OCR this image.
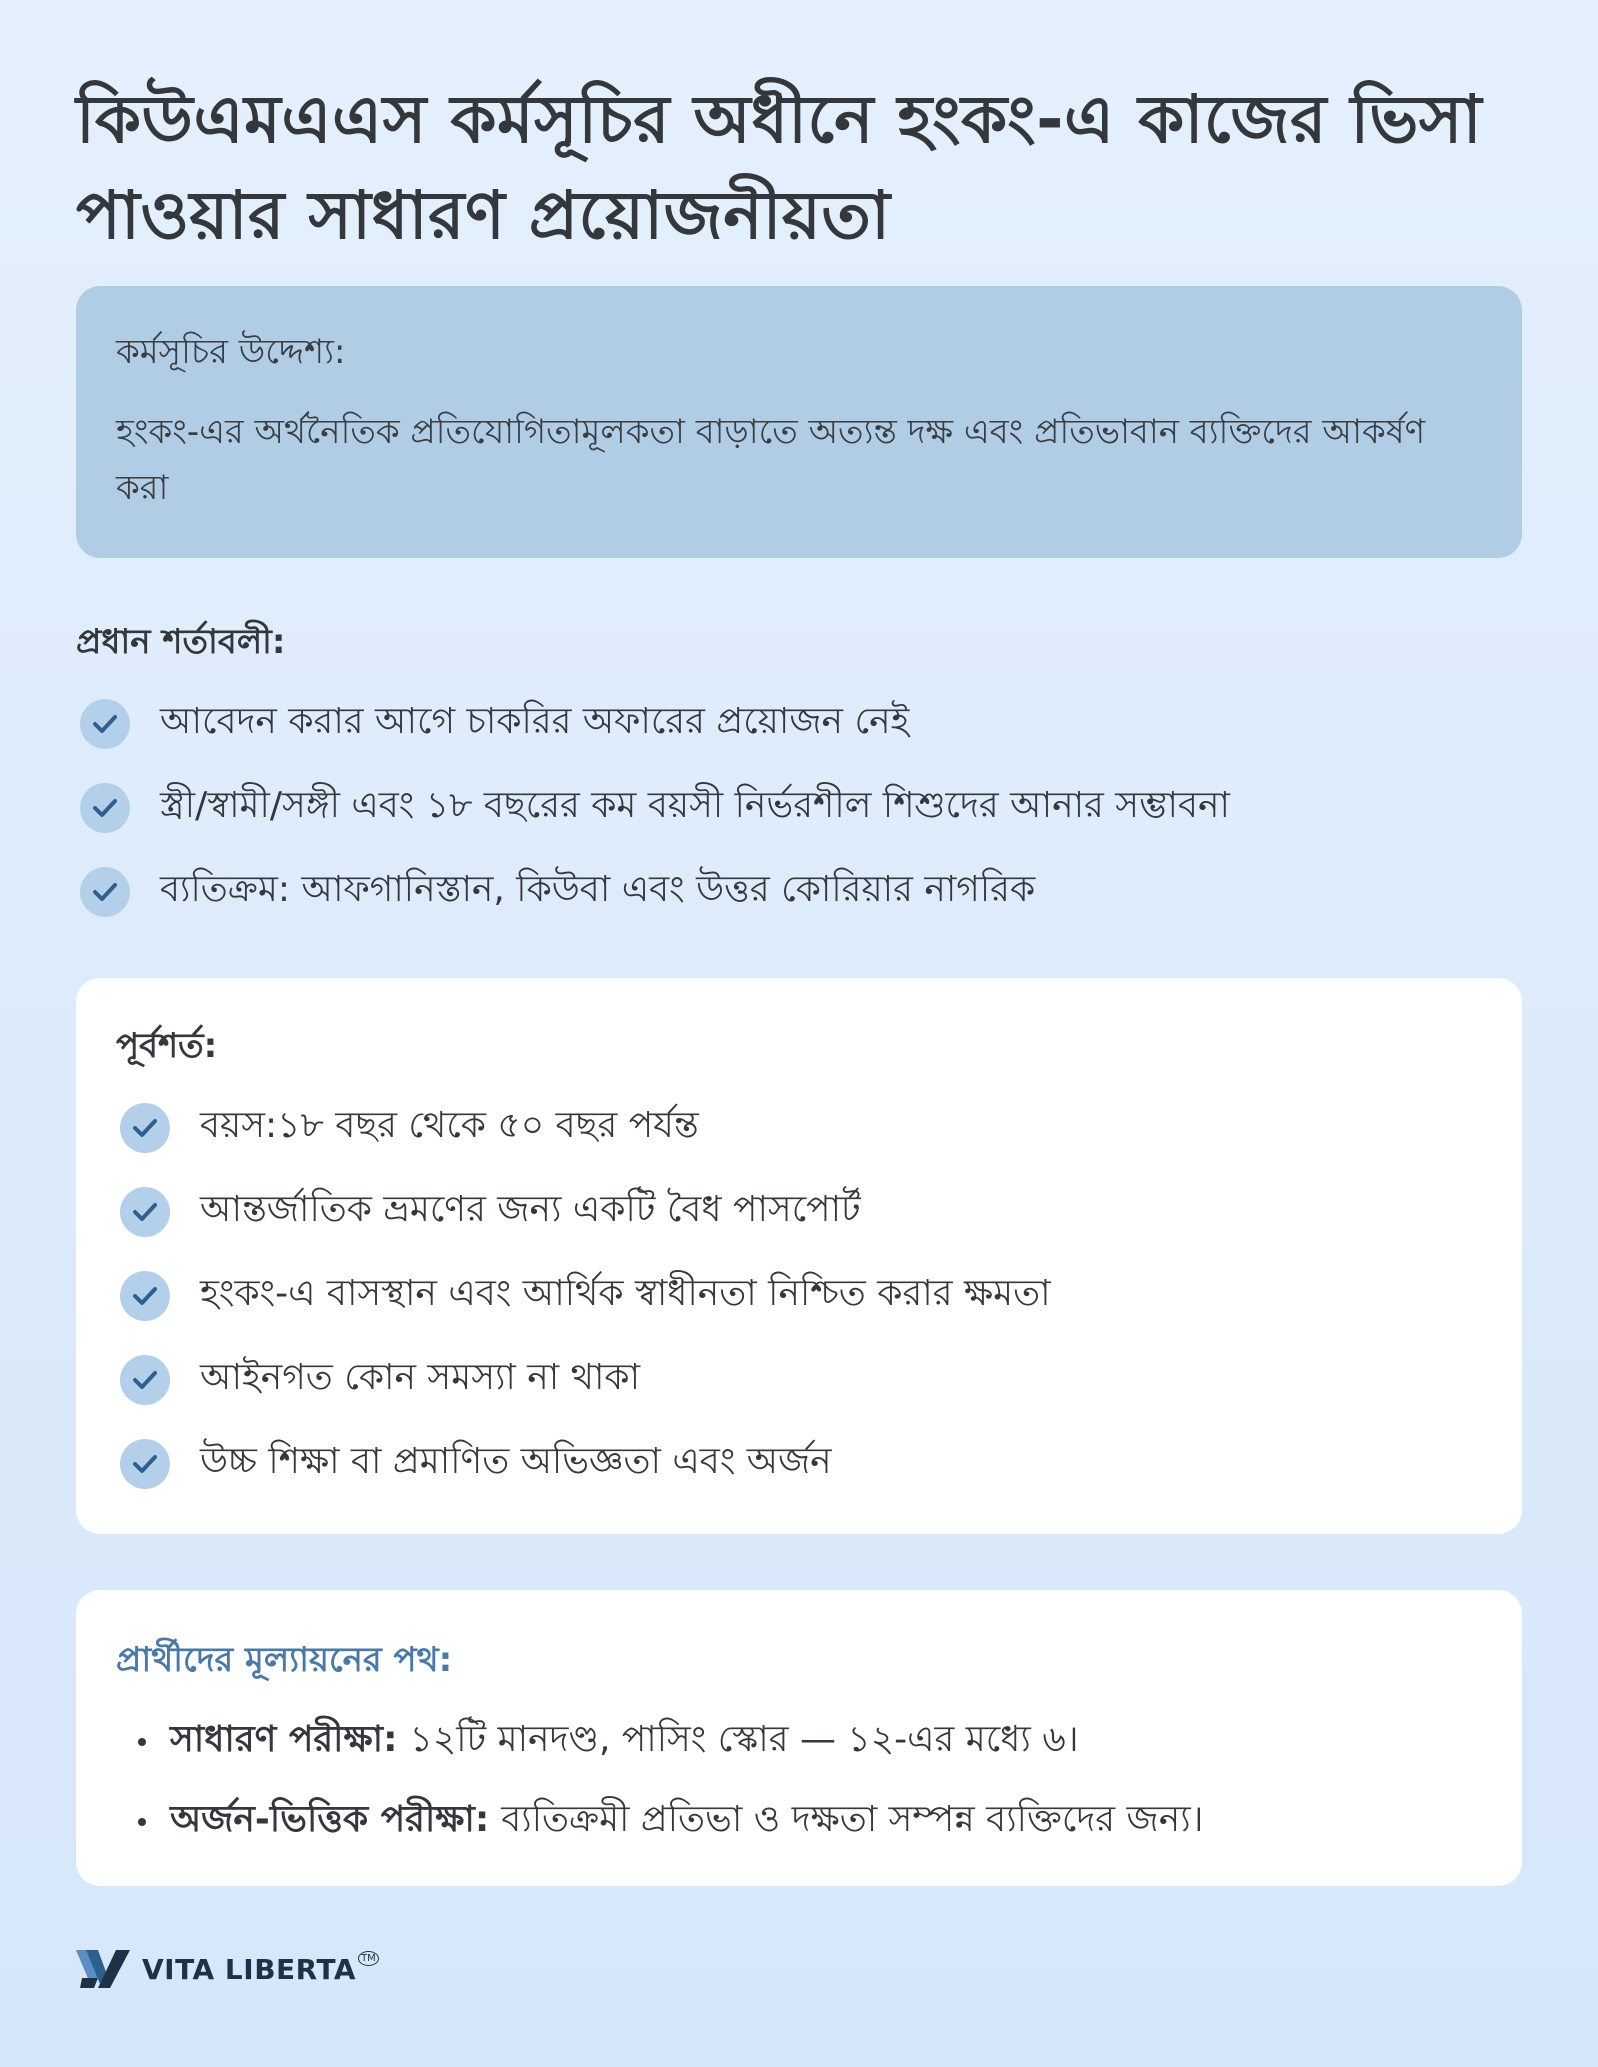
কিউএমএএস কর্মসূচির অধীনে হংকং-এ কাজের ভিসা পাওয়ার সাধারণ প্রয়োজনীয়তা
কর্মসূচির উদ্দেশ্য:
হংকং-এর অর্থনৈতিক প্রতিযোগিতামূলকতা বাড়াতে অত্যন্ত দক্ষ এবং প্রতিভাবান ব্যক্তিদের আকর্ষণ করা
প্রধান শর্তাবলী:
আবেদন করার আগে চাকরির অফারের প্রয়োজন নেই
স্ত্রী/স্বামী/সঙ্গী এবং ১৮ বছরের কম বয়সী নির্ভরশীল শিশুদের আনার সম্ভাবনা
ব্যতিক্রম: আফগানিস্তান, কিউবা এবং উত্তর কোরিয়ার নাগরিক
পূর্বশর্ত:
বয়স:১৮ বছর থেকে ৫০ বছর পর্যন্ত
আন্তর্জাতিক ভ্রমণের জন্য একটি বৈধ পাসপোর্ট
হংকং-এ বাসস্থান এবং আর্থিক স্বাধীনতা নিশ্চিত করার ক্ষমতা
আইনগত কোন সমস্যা না থাকা
উচ্চ শিক্ষা বা প্রমাণিত অভিজ্ঞতা এবং অর্জন
প্রার্থীদের মূল্যায়নের পথ:
সাধারণ পরীক্ষা: ১২টি মানদণ্ড, পাসিং স্কোর — ১২-এর মধ্যে ৬।
অর্জন-ভিত্তিক পরীক্ষা: ব্যতিক্রমী প্রতিভা ও দক্ষতা সম্পন্ন ব্যক্তিদের জন্য।
VITA LIBERTA TM
